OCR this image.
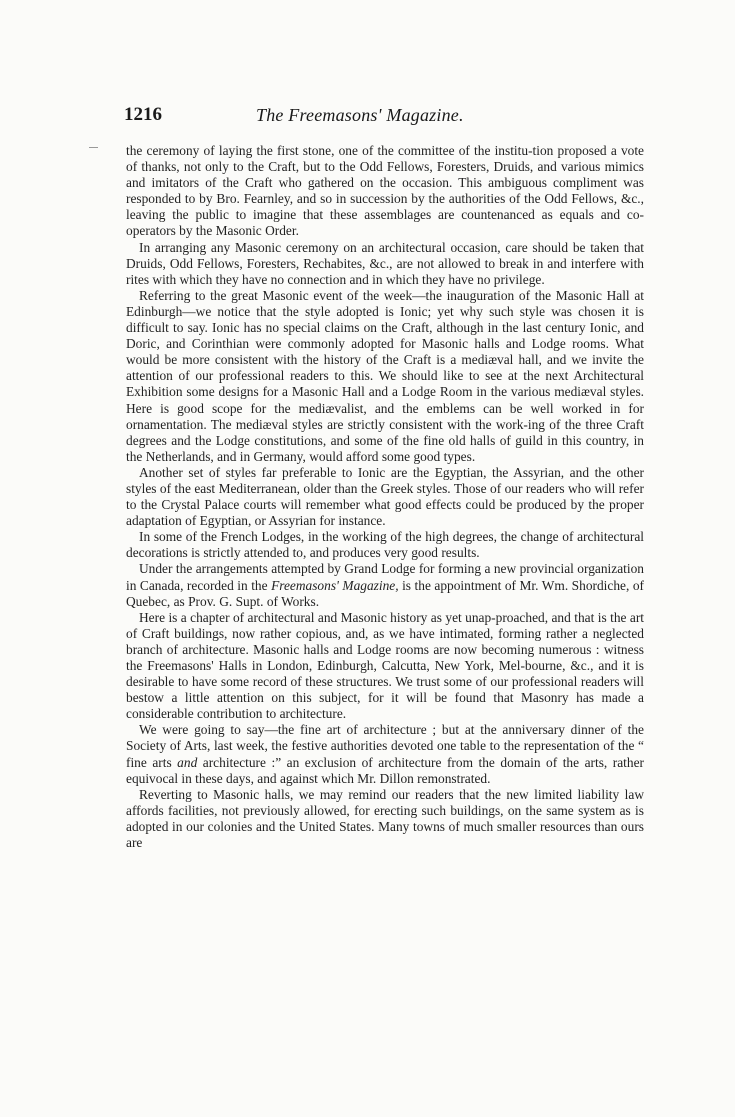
1216	The Freemasons' Magazine.

the ceremony of laying the first stone, one of the committee of the institu-tion proposed a vote of thanks, not only to the Craft, but to the Odd Fellows, Foresters, Druids, and various mimics and imitators of the Craft who gathered on the occasion. This ambiguous compliment was responded to by Bro. Fearnley, and so in succession by the authorities of the Odd Fellows, &c., leaving the public to imagine that these assemblages are countenanced as equals and co-operators by the Masonic Order.

In arranging any Masonic ceremony on an architectural occasion, care should be taken that Druids, Odd Fellows, Foresters, Rechabites, &c., are not allowed to break in and interfere with rites with which they have no connection and in which they have no privilege.

Referring to the great Masonic event of the week—the inauguration of the Masonic Hall at Edinburgh—we notice that the style adopted is Ionic; yet why such style was chosen it is difficult to say. Ionic has no special claims on the Craft, although in the last century Ionic, and Doric, and Corinthian were commonly adopted for Masonic halls and Lodge rooms. What would be more consistent with the history of the Craft is a mediæval hall, and we invite the attention of our professional readers to this. We should like to see at the next Architectural Exhibition some designs for a Masonic Hall and a Lodge Room in the various mediæval styles. Here is good scope for the mediævalist, and the emblems can be well worked in for ornamentation. The mediæval styles are strictly consistent with the work-ing of the three Craft degrees and the Lodge constitutions, and some of the fine old halls of guild in this country, in the Netherlands, and in Germany, would afford some good types.

Another set of styles far preferable to Ionic are the Egyptian, the Assyrian, and the other styles of the east Mediterranean, older than the Greek styles. Those of our readers who will refer to the Crystal Palace courts will remember what good effects could be produced by the proper adaptation of Egyptian, or Assyrian for instance.

In some of the French Lodges, in the working of the high degrees, the change of architectural decorations is strictly attended to, and produces very good results.

Under the arrangements attempted by Grand Lodge for forming a new provincial organization in Canada, recorded in the Freemasons' Magazine, is the appointment of Mr. Wm. Shordiche, of Quebec, as Prov. G. Supt. of Works.

Here is a chapter of architectural and Masonic history as yet unap-proached, and that is the art of Craft buildings, now rather copious, and, as we have intimated, forming rather a neglected branch of architecture. Masonic halls and Lodge rooms are now becoming numerous : witness the Freemasons' Halls in London, Edinburgh, Calcutta, New York, Mel-bourne, &c., and it is desirable to have some record of these structures. We trust some of our professional readers will bestow a little attention on this subject, for it will be found that Masonry has made a considerable contribution to architecture.

We were going to say—the fine art of architecture ; but at the anniversary dinner of the Society of Arts, last week, the festive authorities devoted one table to the representation of the “ fine arts and architecture :” an exclusion of architecture from the domain of the arts, rather equivocal in these days, and against which Mr. Dillon remonstrated.

Reverting to Masonic halls, we may remind our readers that the new limited liability law affords facilities, not previously allowed, for erecting such buildings, on the same system as is adopted in our colonies and the United States. Many towns of much smaller resources than ours are
